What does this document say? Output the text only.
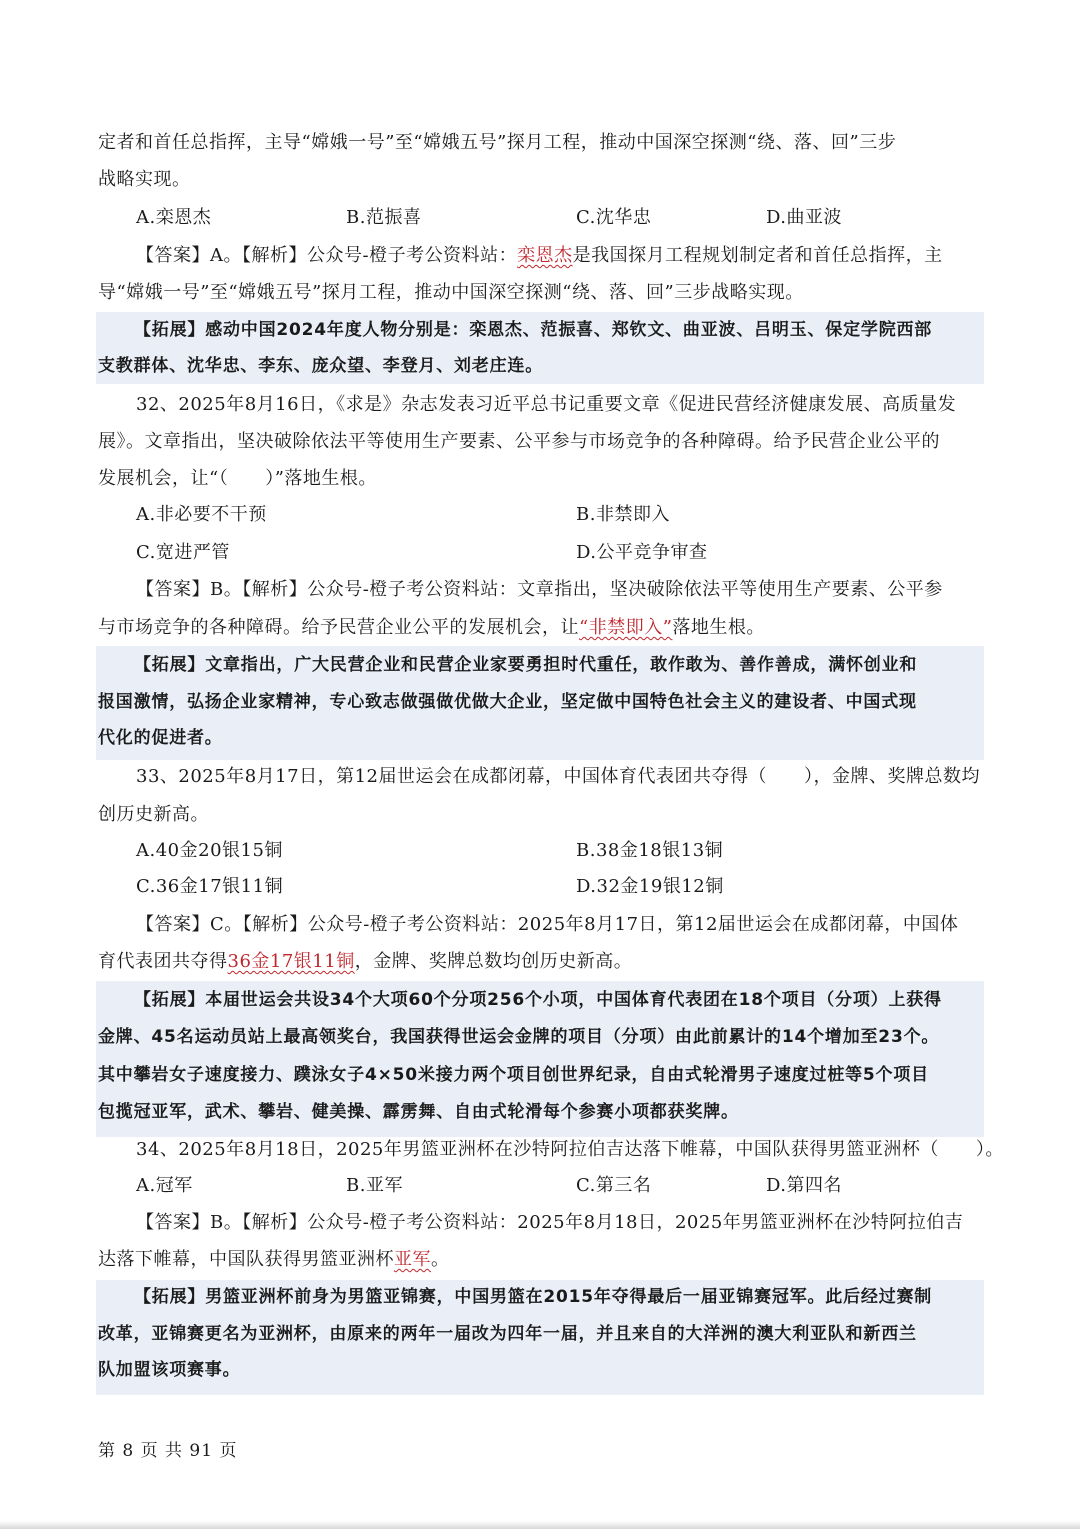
定者和首任总指挥，主导“嫦娥一号”至“嫦娥五号”探月工程，推动中国深空探测“绕、落、回”三步
战略实现。
A.栾恩杰	B.范振喜	C.沈华忠	D.曲亚波
【答案】A。【解析】公众号-橙子考公资料站：栾恩杰是我国探月工程规划制定者和首任总指挥，主
导“嫦娥一号”至“嫦娥五号”探月工程，推动中国深空探测“绕、落、回”三步战略实现。
【拓展】感动中国2024年度人物分别是：栾恩杰、范振喜、郑钦文、曲亚波、吕明玉、保定学院西部
支教群体、沈华忠、李东、庞众望、李登月、刘老庄连。
32、2025年8月16日，《求是》杂志发表习近平总书记重要文章《促进民营经济健康发展、高质量发
展》。文章指出，坚决破除依法平等使用生产要素、公平参与市场竞争的各种障碍。给予民营企业公平的
发展机会，让“（　　）”落地生根。
A.非必要不干预	B.非禁即入
C.宽进严管	D.公平竞争审查
【答案】B。【解析】公众号-橙子考公资料站：文章指出，坚决破除依法平等使用生产要素、公平参
与市场竞争的各种障碍。给予民营企业公平的发展机会，让“非禁即入”落地生根。
【拓展】文章指出，广大民营企业和民营企业家要勇担时代重任，敢作敢为、善作善成，满怀创业和
报国激情，弘扬企业家精神，专心致志做强做优做大企业，坚定做中国特色社会主义的建设者、中国式现
代化的促进者。
33、2025年8月17日，第12届世运会在成都闭幕，中国体育代表团共夺得（　　），金牌、奖牌总数均
创历史新高。
A.40金20银15铜	B.38金18银13铜
C.36金17银11铜	D.32金19银12铜
【答案】C。【解析】公众号-橙子考公资料站：2025年8月17日，第12届世运会在成都闭幕，中国体
育代表团共夺得36金17银11铜，金牌、奖牌总数均创历史新高。
【拓展】本届世运会共设34个大项60个分项256个小项，中国体育代表团在18个项目（分项）上获得
金牌、45名运动员站上最高领奖台，我国获得世运会金牌的项目（分项）由此前累计的14个增加至23个。
其中攀岩女子速度接力、蹼泳女子4×50米接力两个项目创世界纪录，自由式轮滑男子速度过桩等5个项目
包揽冠亚军，武术、攀岩、健美操、霹雳舞、自由式轮滑每个参赛小项都获奖牌。
34、2025年8月18日，2025年男篮亚洲杯在沙特阿拉伯吉达落下帷幕，中国队获得男篮亚洲杯（　　）。
A.冠军	B.亚军	C.第三名	D.第四名
【答案】B。【解析】公众号-橙子考公资料站：2025年8月18日，2025年男篮亚洲杯在沙特阿拉伯吉
达落下帷幕，中国队获得男篮亚洲杯亚军。
【拓展】男篮亚洲杯前身为男篮亚锦赛，中国男篮在2015年夺得最后一届亚锦赛冠军。此后经过赛制
改革，亚锦赛更名为亚洲杯，由原来的两年一届改为四年一届，并且来自的大洋洲的澳大利亚队和新西兰
队加盟该项赛事。
第 8 页 共 91 页
